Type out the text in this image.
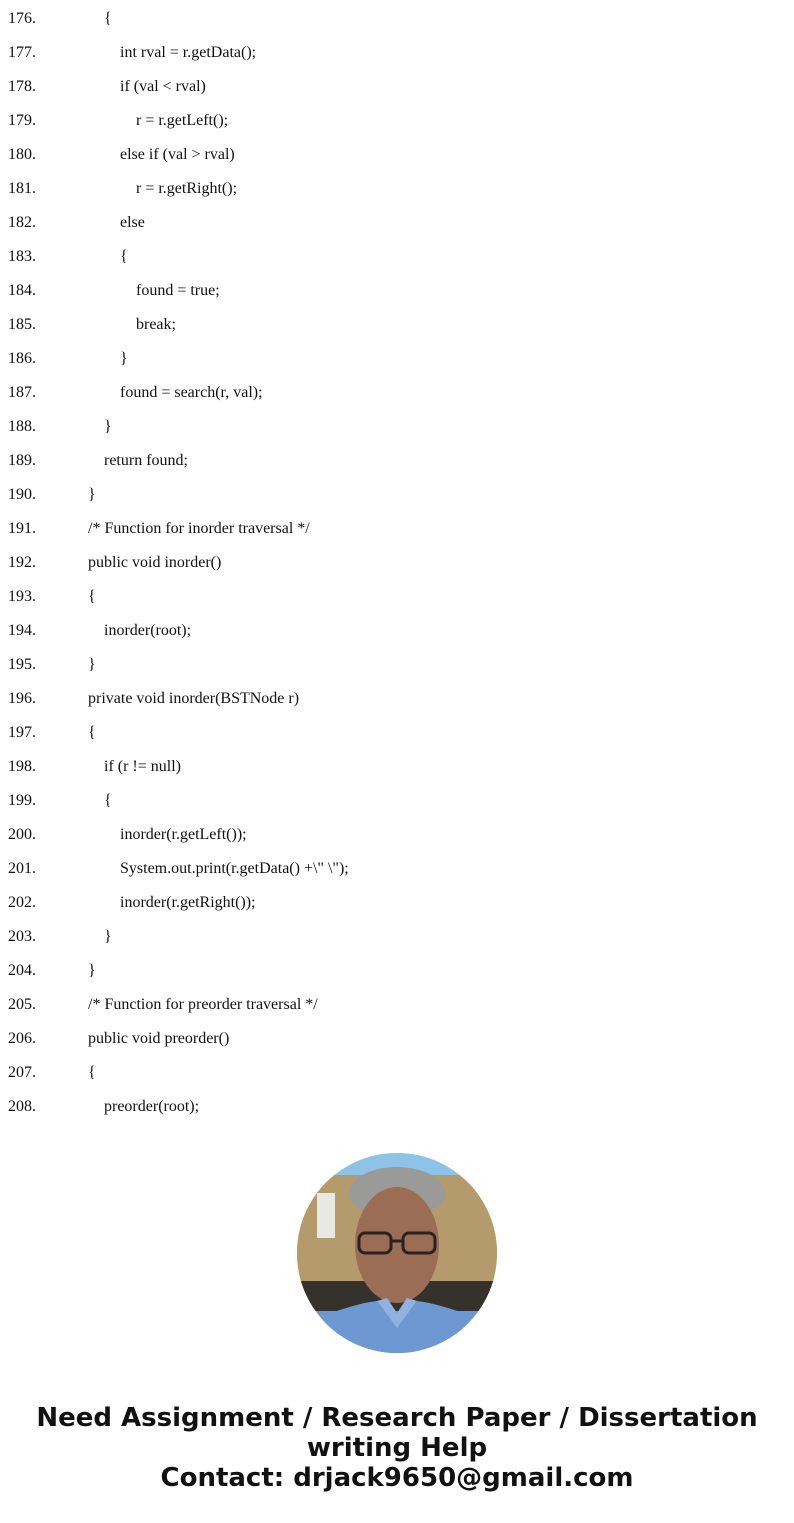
176.	{
177.	int rval = r.getData();
178.	if (val < rval)
179.	r = r.getLeft();
180.	else if (val > rval)
181.	r = r.getRight();
182.	else
183.	{
184.	found = true;
185.	break;
186.	}
187.	found = search(r, val);
188.	}
189.	return found;
190.	}
191.	/* Function for inorder traversal */
192.	public void inorder()
193.	{
194.	inorder(root);
195.	}
196.	private void inorder(BSTNode r)
197.	{
198.	if (r != null)
199.	{
200.	inorder(r.getLeft());
201.	System.out.print(r.getData() +\" \");
202.	inorder(r.getRight());
203.	}
204.	}
205.	/* Function for preorder traversal */
206.	public void preorder()
207.	{
208.	preorder(root);
Need Assignment / Research Paper / Dissertation
writing Help
Contact: drjack9650@gmail.com
